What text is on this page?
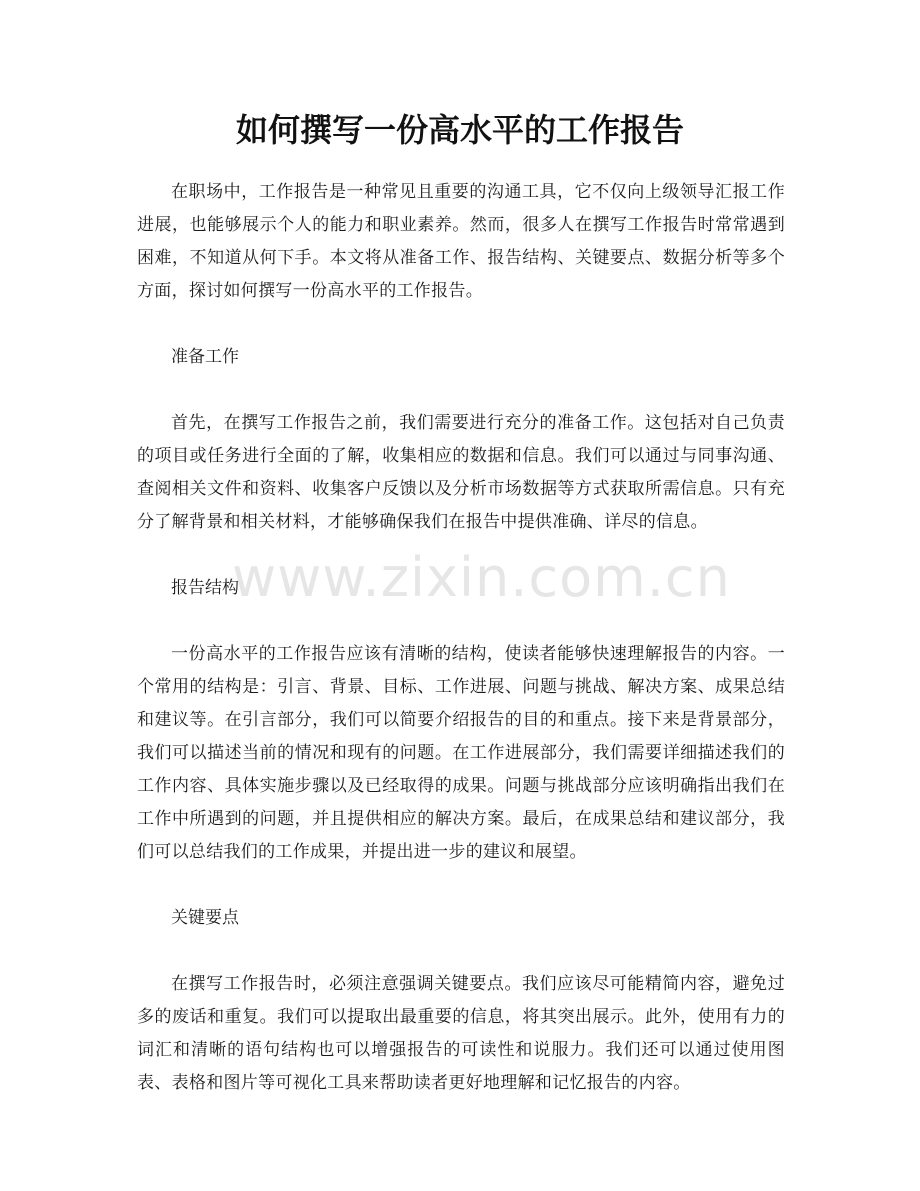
如何撰写一份高水平的工作报告

在职场中，工作报告是一种常见且重要的沟通工具，它不仅向上级领导汇报工作进展，也能够展示个人的能力和职业素养。然而，很多人在撰写工作报告时常常遇到困难，不知道从何下手。本文将从准备工作、报告结构、关键要点、数据分析等多个方面，探讨如何撰写一份高水平的工作报告。

准备工作

首先，在撰写工作报告之前，我们需要进行充分的准备工作。这包括对自己负责的项目或任务进行全面的了解，收集相应的数据和信息。我们可以通过与同事沟通、查阅相关文件和资料、收集客户反馈以及分析市场数据等方式获取所需信息。只有充分了解背景和相关材料，才能够确保我们在报告中提供准确、详尽的信息。

报告结构

一份高水平的工作报告应该有清晰的结构，使读者能够快速理解报告的内容。一个常用的结构是：引言、背景、目标、工作进展、问题与挑战、解决方案、成果总结和建议等。在引言部分，我们可以简要介绍报告的目的和重点。接下来是背景部分，我们可以描述当前的情况和现有的问题。在工作进展部分，我们需要详细描述我们的工作内容、具体实施步骤以及已经取得的成果。问题与挑战部分应该明确指出我们在工作中所遇到的问题，并且提供相应的解决方案。最后，在成果总结和建议部分，我们可以总结我们的工作成果，并提出进一步的建议和展望。

关键要点

在撰写工作报告时，必须注意强调关键要点。我们应该尽可能精简内容，避免过多的废话和重复。我们可以提取出最重要的信息，将其突出展示。此外，使用有力的词汇和清晰的语句结构也可以增强报告的可读性和说服力。我们还可以通过使用图表、表格和图片等可视化工具来帮助读者更好地理解和记忆报告的内容。

www.zixin.com.cn
